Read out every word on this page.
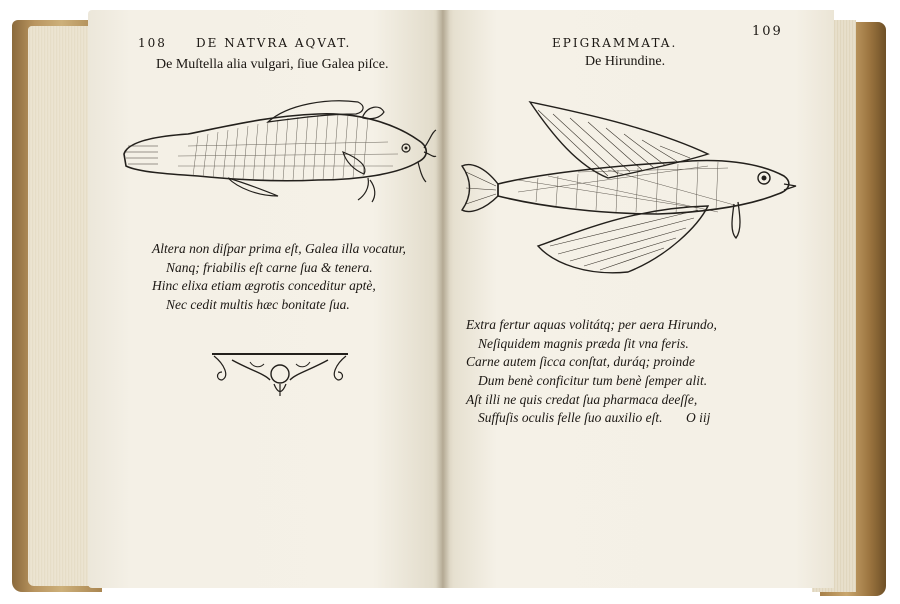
108 DE NATVRA AQVAT.
De Muſtella alia vulgari, ſiue Galea piſce.
Altera non diſpar prima eſt, Galea illa vocatur,
Nanq; friabilis eſt carne ſua & tenera.
Hinc elixa etiam ægrotis conceditur aptè,
Nec cedit multis hæc bonitate ſua.
EPIGRAMMATA.
109
De Hirundine.
Extra fertur aquas volitátq; per aera Hirundo,
Neſiquidem magnis præda ſit vna feris.
Carne autem ſicca conſtat, duráq; proinde
Dum benè conficitur tum benè ſemper alit.
Aſt illi ne quis credat ſua pharmaca deeſſe,
Suffuſis oculis felle ſuo auxilio eſt.	O iij
